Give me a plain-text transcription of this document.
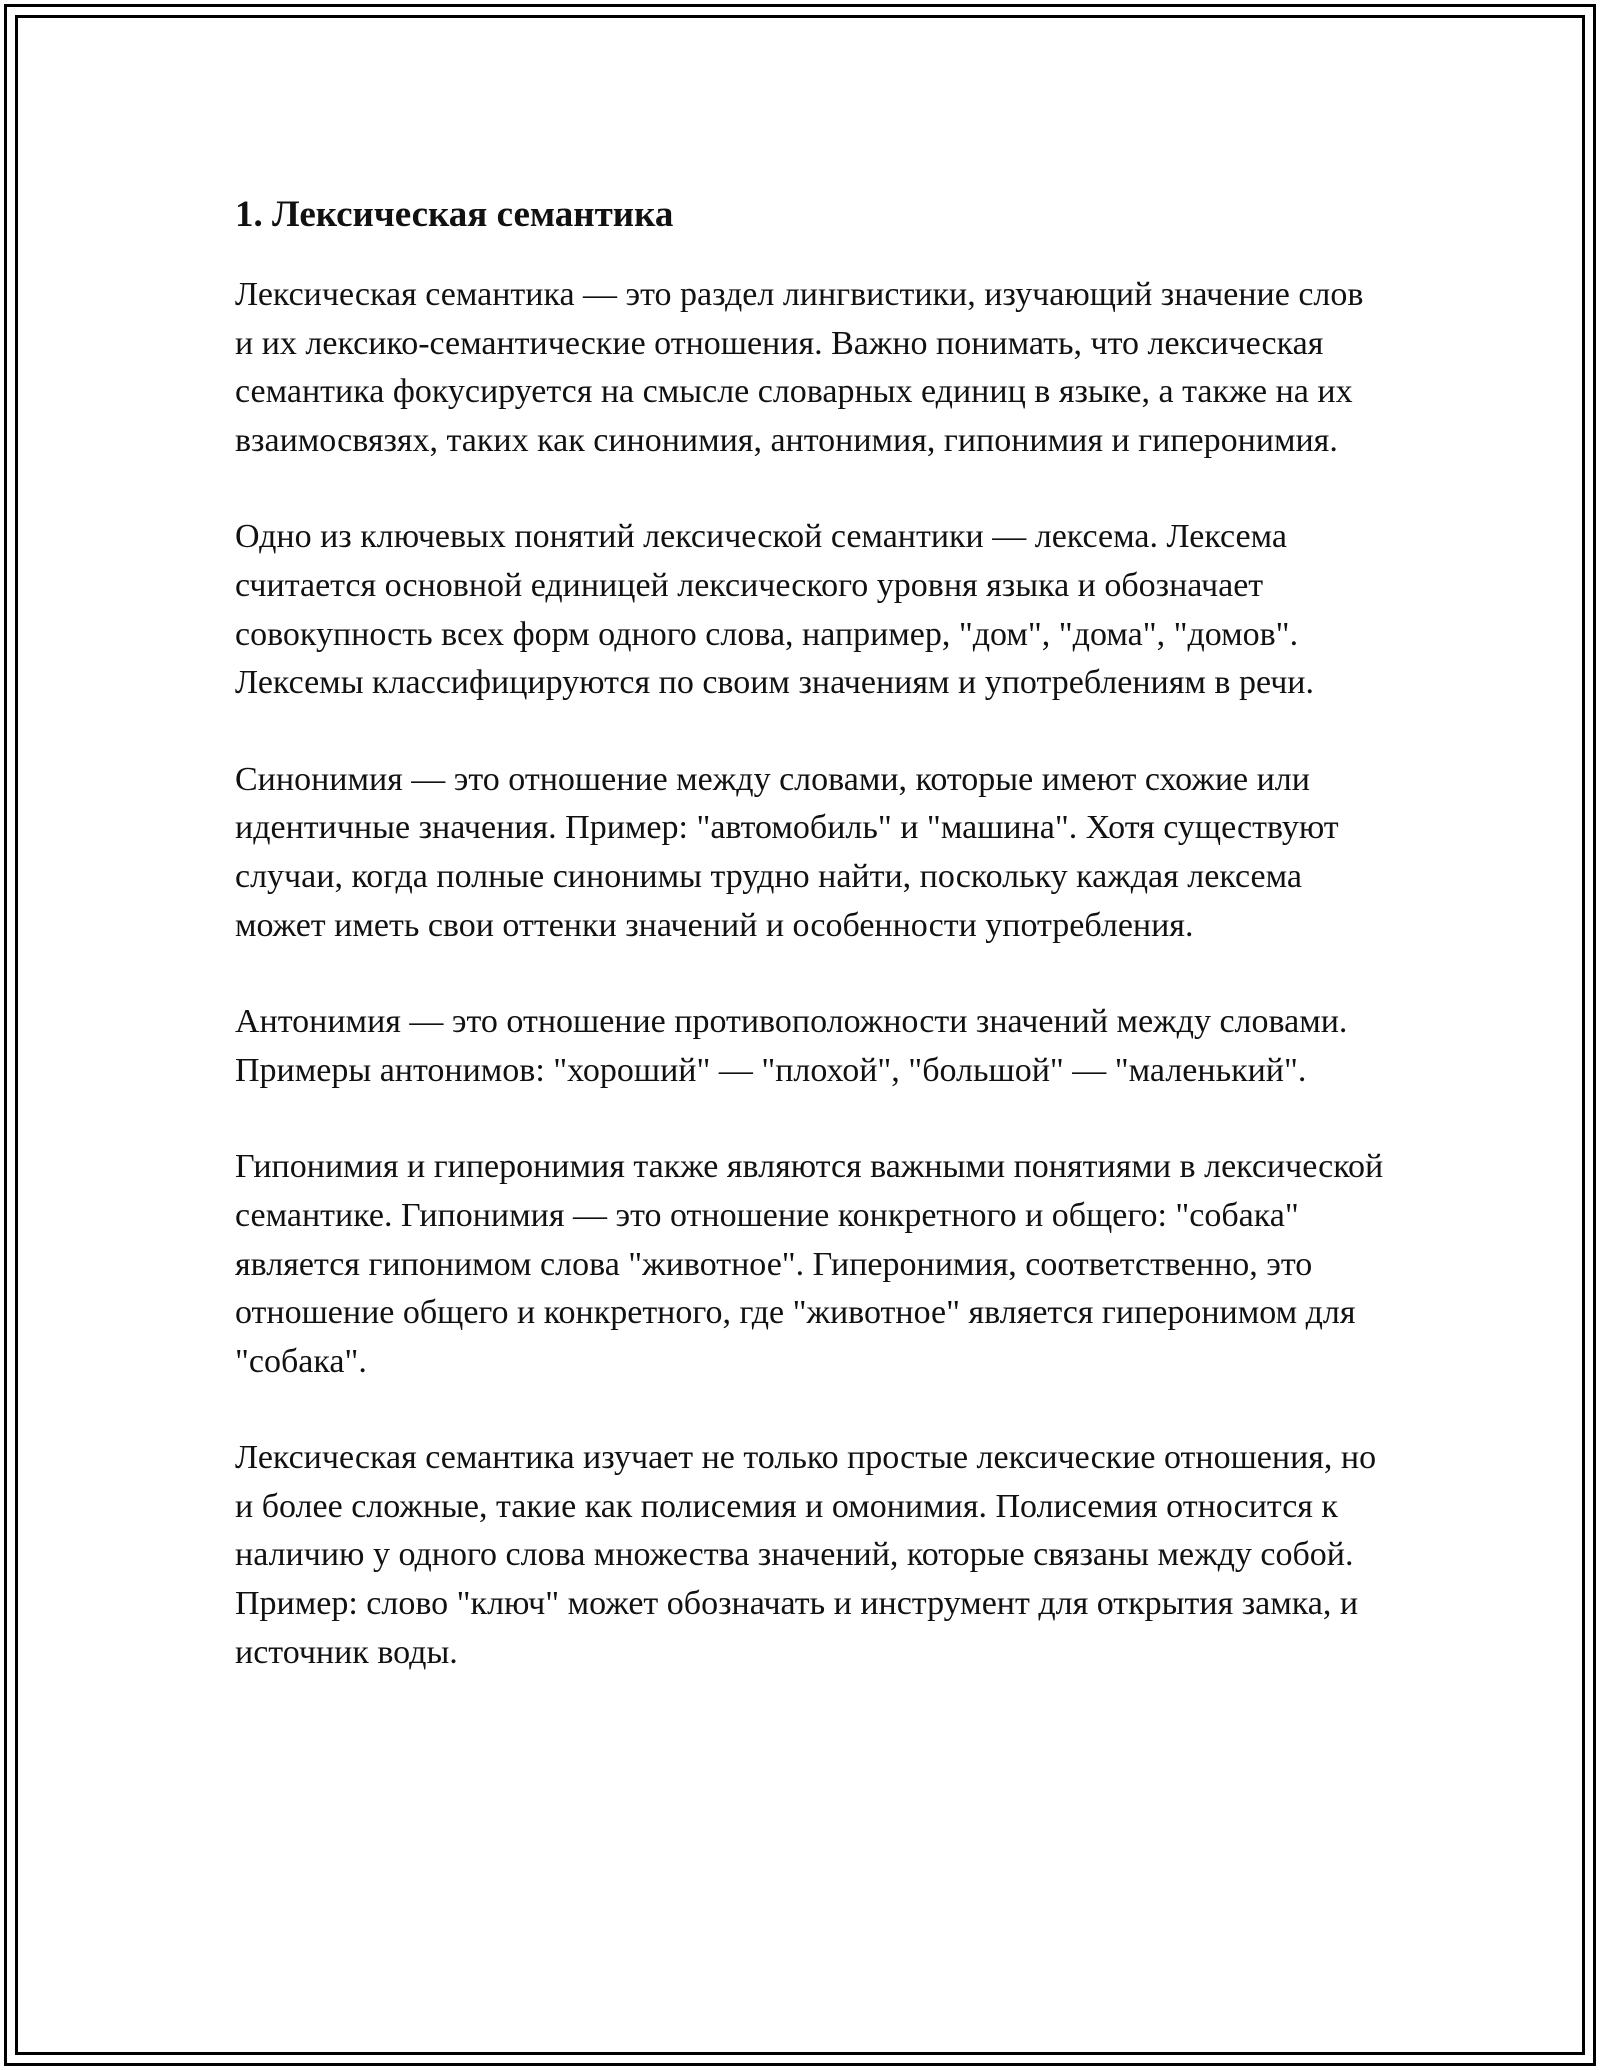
1. Лексическая семантика

Лексическая семантика — это раздел лингвистики, изучающий значение слов и их лексико-семантические отношения. Важно понимать, что лексическая семантика фокусируется на смысле словарных единиц в языке, а также на их взаимосвязях, таких как синонимия, антонимия, гипонимия и гиперонимия.

Одно из ключевых понятий лексической семантики — лексема. Лексема считается основной единицей лексического уровня языка и обозначает совокупность всех форм одного слова, например, "дом", "дома", "домов". Лексемы классифицируются по своим значениям и употреблениям в речи.

Синонимия — это отношение между словами, которые имеют схожие или идентичные значения. Пример: "автомобиль" и "машина". Хотя существуют случаи, когда полные синонимы трудно найти, поскольку каждая лексема может иметь свои оттенки значений и особенности употребления.

Антонимия — это отношение противоположности значений между словами. Примеры антонимов: "хороший" — "плохой", "большой" — "маленький".

Гипонимия и гиперонимия также являются важными понятиями в лексической семантике. Гипонимия — это отношение конкретного и общего: "собака" является гипонимом слова "животное". Гиперонимия, соответственно, это отношение общего и конкретного, где "животное" является гиперонимом для "собака".

Лексическая семантика изучает не только простые лексические отношения, но и более сложные, такие как полисемия и омонимия. Полисемия относится к наличию у одного слова множества значений, которые связаны между собой. Пример: слово "ключ" может обозначать и инструмент для открытия замка, и источник воды.
